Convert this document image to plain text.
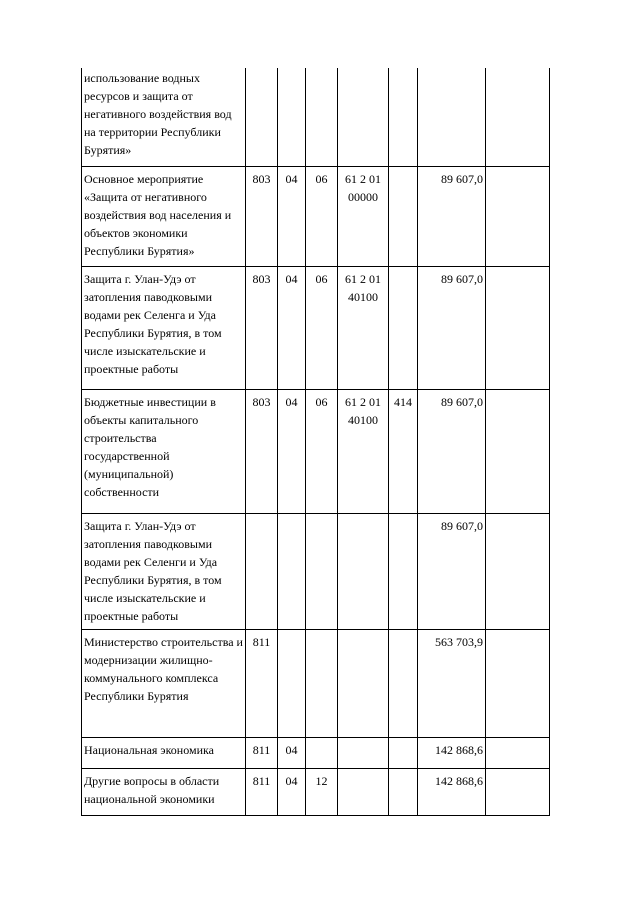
использование водных ресурсов и защита от негативного воздействия вод на территории Республики Бурятия»							
Основное мероприятие «Защита от негативного воздействия вод населения и объектов экономики Республики Бурятия»	803	04	06	61 2 01 00000		89 607,0	
Защита г. Улан-Удэ от затопления паводковыми водами рек Селенга и Уда Республики Бурятия, в том числе изыскательские и проектные работы	803	04	06	61 2 01 40100		89 607,0	
Бюджетные инвестиции в объекты капитального строительства государственной (муниципальной) собственности	803	04	06	61 2 01 40100	414	89 607,0	
Защита г. Улан-Удэ от затопления паводковыми водами рек Селенги и Уда Республики Бурятия, в том числе изыскательские и проектные работы						89 607,0	
Министерство строительства и модернизации жилищно-коммунального комплекса Республики Бурятия	811					563 703,9	
Национальная экономика	811	04				142 868,6	
Другие вопросы в области национальной экономики	811	04	12			142 868,6	
